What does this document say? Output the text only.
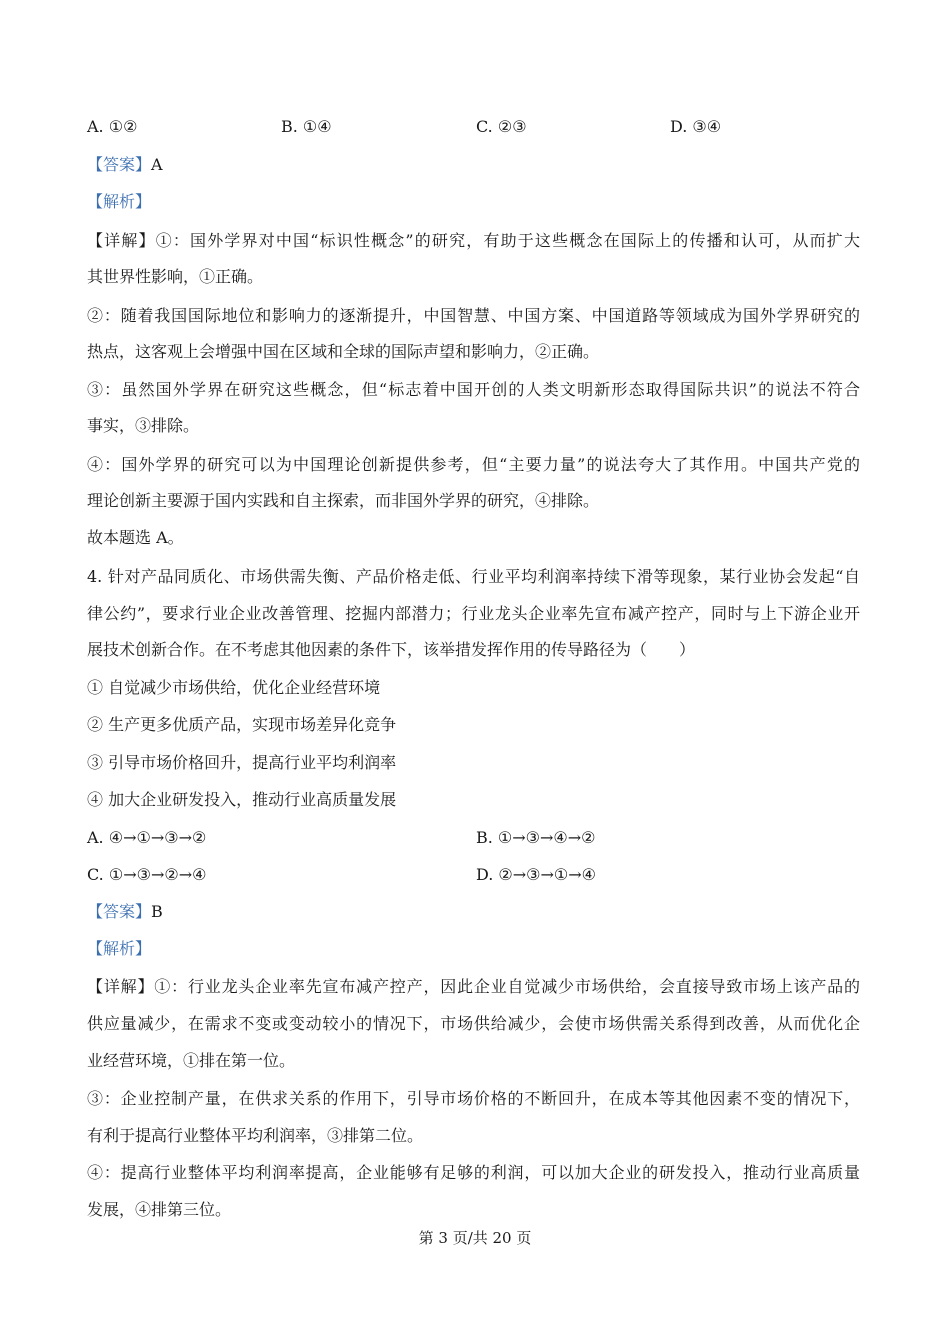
A. ①②	B. ①④	C. ②③	D. ③④
【答案】A
【解析】
【详解】①：国外学界对中国“标识性概念”的研究，有助于这些概念在国际上的传播和认可，从而扩大
其世界性影响，①正确。
②：随着我国国际地位和影响力的逐渐提升，中国智慧、中国方案、中国道路等领域成为国外学界研究的
热点，这客观上会增强中国在区域和全球的国际声望和影响力，②正确。
③：虽然国外学界在研究这些概念，但“标志着中国开创的人类文明新形态取得国际共识”的说法不符合
事实，③排除。
④：国外学界的研究可以为中国理论创新提供参考，但“主要力量”的说法夸大了其作用。中国共产党的
理论创新主要源于国内实践和自主探索，而非国外学界的研究，④排除。
故本题选 A。
4. 针对产品同质化、市场供需失衡、产品价格走低、行业平均利润率持续下滑等现象，某行业协会发起“自
律公约”，要求行业企业改善管理、挖掘内部潜力；行业龙头企业率先宣布减产控产，同时与上下游企业开
展技术创新合作。在不考虑其他因素的条件下，该举措发挥作用的传导路径为（　　）
① 自觉减少市场供给，优化企业经营环境
② 生产更多优质产品，实现市场差异化竞争
③ 引导市场价格回升，提高行业平均利润率
④ 加大企业研发投入，推动行业高质量发展
A. ④→①→③→②	B. ①→③→④→②
C. ①→③→②→④	D. ②→③→①→④
【答案】B
【解析】
【详解】①：行业龙头企业率先宣布减产控产，因此企业自觉减少市场供给，会直接导致市场上该产品的
供应量减少，在需求不变或变动较小的情况下，市场供给减少，会使市场供需关系得到改善，从而优化企
业经营环境，①排在第一位。
③：企业控制产量，在供求关系的作用下，引导市场价格的不断回升，在成本等其他因素不变的情况下，
有利于提高行业整体平均利润率，③排第二位。
④：提高行业整体平均利润率提高，企业能够有足够的利润，可以加大企业的研发投入，推动行业高质量
发展，④排第三位。
第 3 页/共 20 页
